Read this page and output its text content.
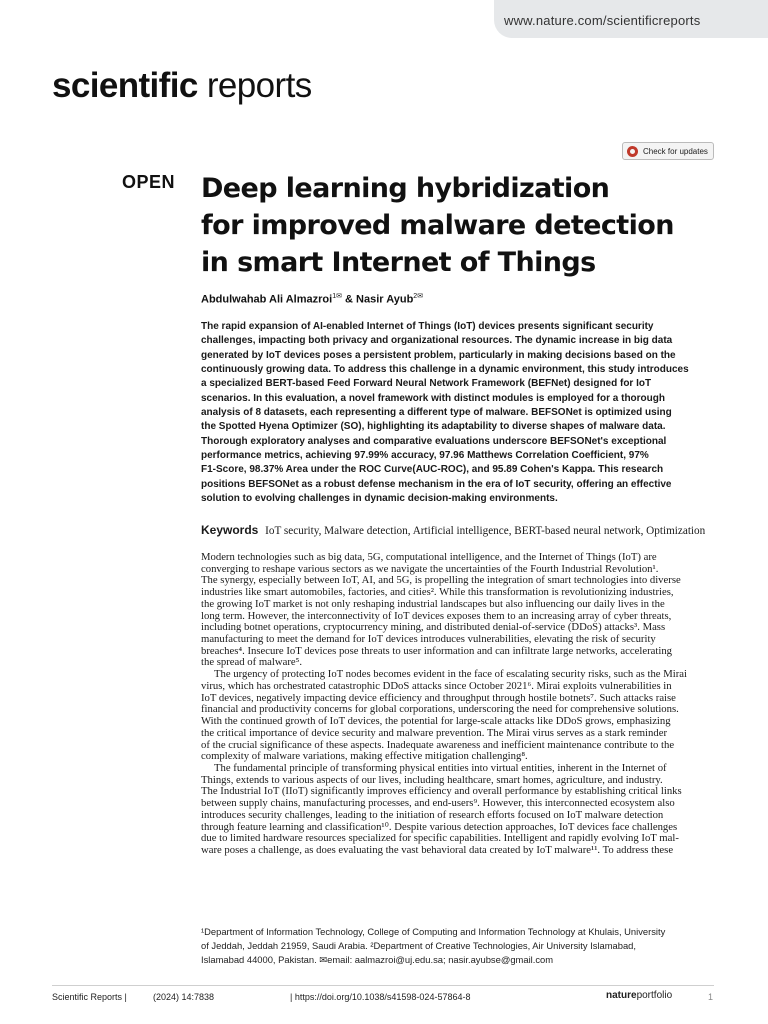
www.nature.com/scientificreports
scientific reports
Check for updates
OPEN Deep learning hybridization
for improved malware detection
in smart Internet of Things
Abdulwahab Ali Almazroi$^{1✉}$ & Nasir Ayub$^{2✉}$
The rapid expansion of AI-enabled Internet of Things (IoT) devices presents significant security
challenges, impacting both privacy and organizational resources. The dynamic increase in big data
generated by IoT devices poses a persistent problem, particularly in making decisions based on the
continuously growing data. To address this challenge in a dynamic environment, this study introduces
a specialized BERT-based Feed Forward Neural Network Framework (BEFNet) designed for IoT
scenarios. In this evaluation, a novel framework with distinct modules is employed for a thorough
analysis of 8 datasets, each representing a different type of malware. BEFSONet is optimized using
the Spotted Hyena Optimizer (SO), highlighting its adaptability to diverse shapes of malware data.
Thorough exploratory analyses and comparative evaluations underscore BEFSONet's exceptional
performance metrics, achieving 97.99% accuracy, 97.96 Matthews Correlation Coefficient, 97%
F1-Score, 98.37% Area under the ROC Curve(AUC-ROC), and 95.89 Cohen's Kappa. This research
positions BEFSONet as a robust defense mechanism in the era of IoT security, offering an effective
solution to evolving challenges in dynamic decision-making environments.
Keywords IoT security, Malware detection, Artificial intelligence, BERT-based neural network, Optimization
Modern technologies such as big data, 5G, computational intelligence, and the Internet of Things (IoT) are
converging to reshape various sectors as we navigate the uncertainties of the Fourth Industrial Revolution¹.
The synergy, especially between IoT, AI, and 5G, is propelling the integration of smart technologies into diverse
industries like smart automobiles, factories, and cities². While this transformation is revolutionizing industries,
the growing IoT market is not only reshaping industrial landscapes but also influencing our daily lives in the
long term. However, the interconnectivity of IoT devices exposes them to an increasing array of cyber threats,
including botnet operations, cryptocurrency mining, and distributed denial-of-service (DDoS) attacks³. Mass
manufacturing to meet the demand for IoT devices introduces vulnerabilities, elevating the risk of security
breaches⁴. Insecure IoT devices pose threats to user information and can infiltrate large networks, accelerating
the spread of malware⁵.
The urgency of protecting IoT nodes becomes evident in the face of escalating security risks, such as the Mirai
virus, which has orchestrated catastrophic DDoS attacks since October 2021⁶. Mirai exploits vulnerabilities in
IoT devices, negatively impacting device efficiency and throughput through hostile botnets⁷. Such attacks raise
financial and productivity concerns for global corporations, underscoring the need for comprehensive solutions.
With the continued growth of IoT devices, the potential for large-scale attacks like DDoS grows, emphasizing
the critical importance of device security and malware prevention. The Mirai virus serves as a stark reminder
of the crucial significance of these aspects. Inadequate awareness and inefficient maintenance contribute to the
complexity of malware variations, making effective mitigation challenging⁸.
The fundamental principle of transforming physical entities into virtual entities, inherent in the Internet of
Things, extends to various aspects of our lives, including healthcare, smart homes, agriculture, and industry.
The Industrial IoT (IIoT) significantly improves efficiency and overall performance by establishing critical links
between supply chains, manufacturing processes, and end-users⁹. However, this interconnected ecosystem also
introduces security challenges, leading to the initiation of research efforts focused on IoT malware detection
through feature learning and classification¹⁰. Despite various detection approaches, IoT devices face challenges
due to limited hardware resources specialized for specific capabilities. Intelligent and rapidly evolving IoT mal-
ware poses a challenge, as does evaluating the vast behavioral data created by IoT malware¹¹. To address these
¹Department of Information Technology, College of Computing and Information Technology at Khulais, University
of Jeddah, Jeddah 21959, Saudi Arabia. ²Department of Creative Technologies, Air University Islamabad,
Islamabad 44000, Pakistan. ✉email: aalmazroi@uj.edu.sa; nasir.ayubse@gmail.com
Scientific Reports |	(2024) 14:7838	| https://doi.org/10.1038/s41598-024-57864-8	natureportfolio	1
